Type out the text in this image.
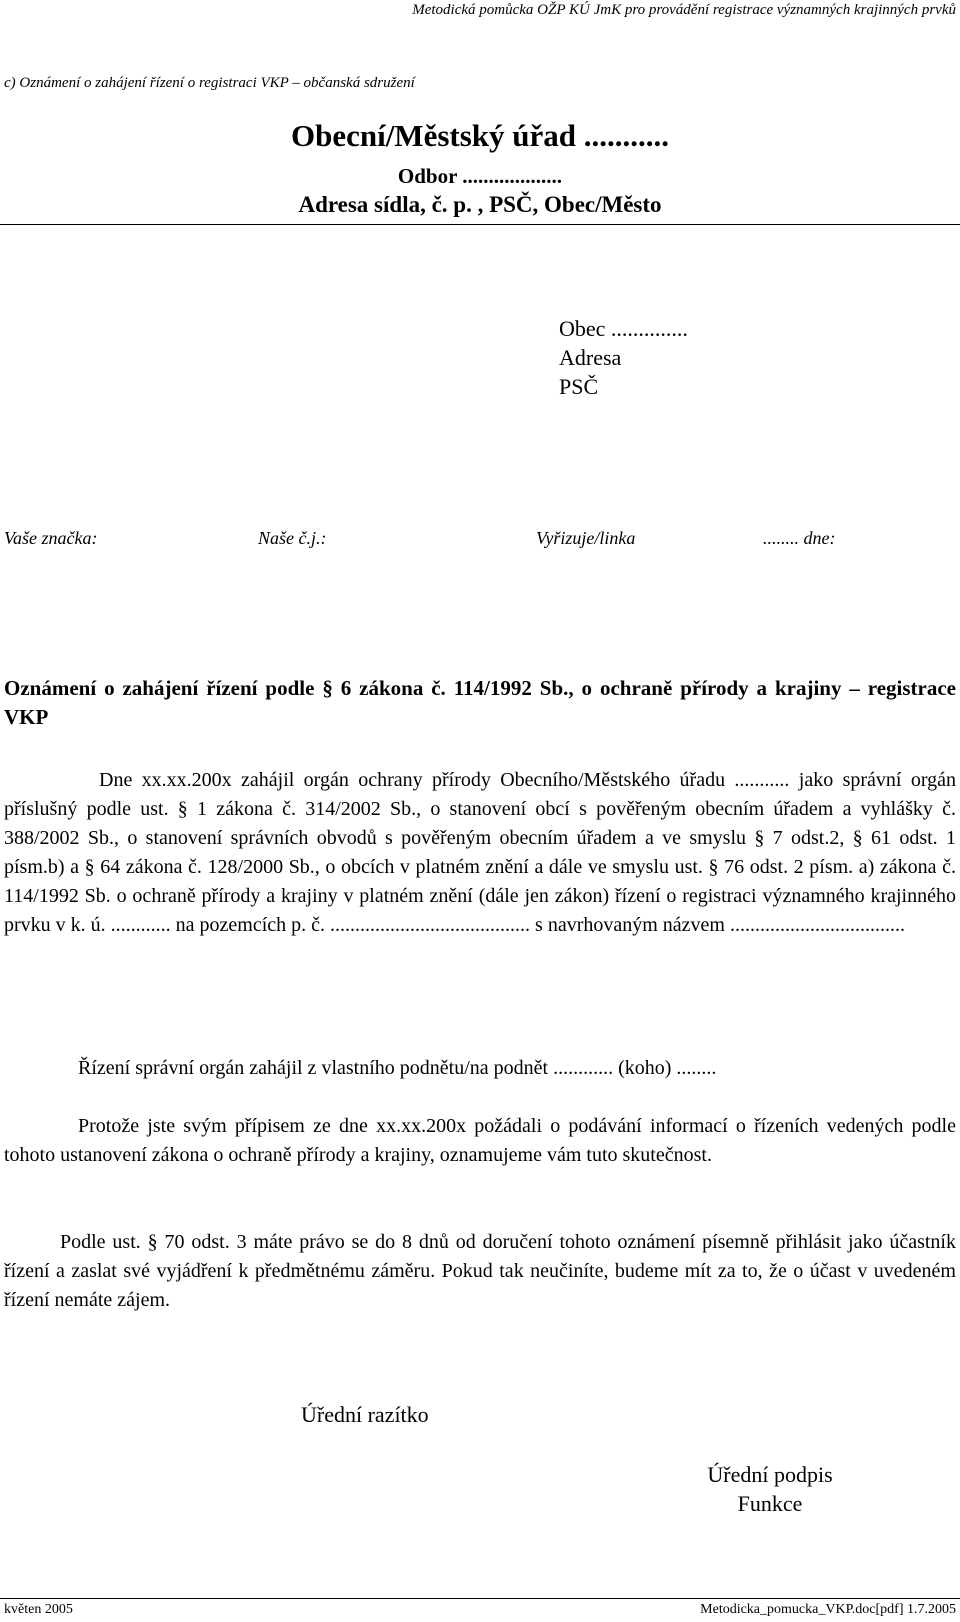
Metodická pomůcka OŽP KÚ JmK pro provádění registrace významných krajinných prvků
c) Oznámení o zahájení řízení o registraci VKP – občanská sdružení
Obecní/Městský úřad ...........
Odbor ...................
Adresa sídla, č. p. , PSČ, Obec/Město
Obec ..............
Adresa
PSČ
Vaše značka:	Naše č.j.:	Vyřizuje/linka	........ dne:
Oznámení o zahájení řízení podle § 6 zákona č. 114/1992 Sb., o ochraně přírody a krajiny – registrace VKP

Dne xx.xx.200x zahájil orgán ochrany přírody Obecního/Městského úřadu ........... jako správní orgán příslušný podle ust. § 1 zákona č. 314/2002 Sb., o stanovení obcí s pověřeným obecním úřadem a vyhlášky č. 388/2002 Sb., o stanovení správních obvodů s pověřeným obecním úřadem a ve smyslu § 7 odst.2, § 61 odst. 1 písm.b) a § 64 zákona č. 128/2000 Sb., o obcích v platném znění a dále ve smyslu ust. § 76 odst. 2 písm. a) zákona č. 114/1992 Sb. o ochraně přírody a krajiny v platném znění (dále jen zákon) řízení o registraci významného krajinného prvku v k. ú. ............ na pozemcích p. č. ........................................ s navrhovaným názvem ...................................

Řízení správní orgán zahájil z vlastního podnětu/na podnět ............ (koho) ........

Protože jste svým přípisem ze dne xx.xx.200x požádali o podávání informací o řízeních vedených podle tohoto ustanovení zákona o ochraně přírody a krajiny, oznamujeme vám tuto skutečnost.

Podle ust. § 70 odst. 3 máte právo se do 8 dnů od doručení tohoto oznámení písemně přihlásit jako účastník řízení a zaslat své vyjádření k předmětnému záměru. Pokud tak neučiníte, budeme mít za to, že o účast v uvedeném řízení nemáte zájem.

Úřední razítko
Úřední podpis
Funkce
květen 2005	Metodicka_pomucka_VKP.doc[pdf] 1.7.2005
